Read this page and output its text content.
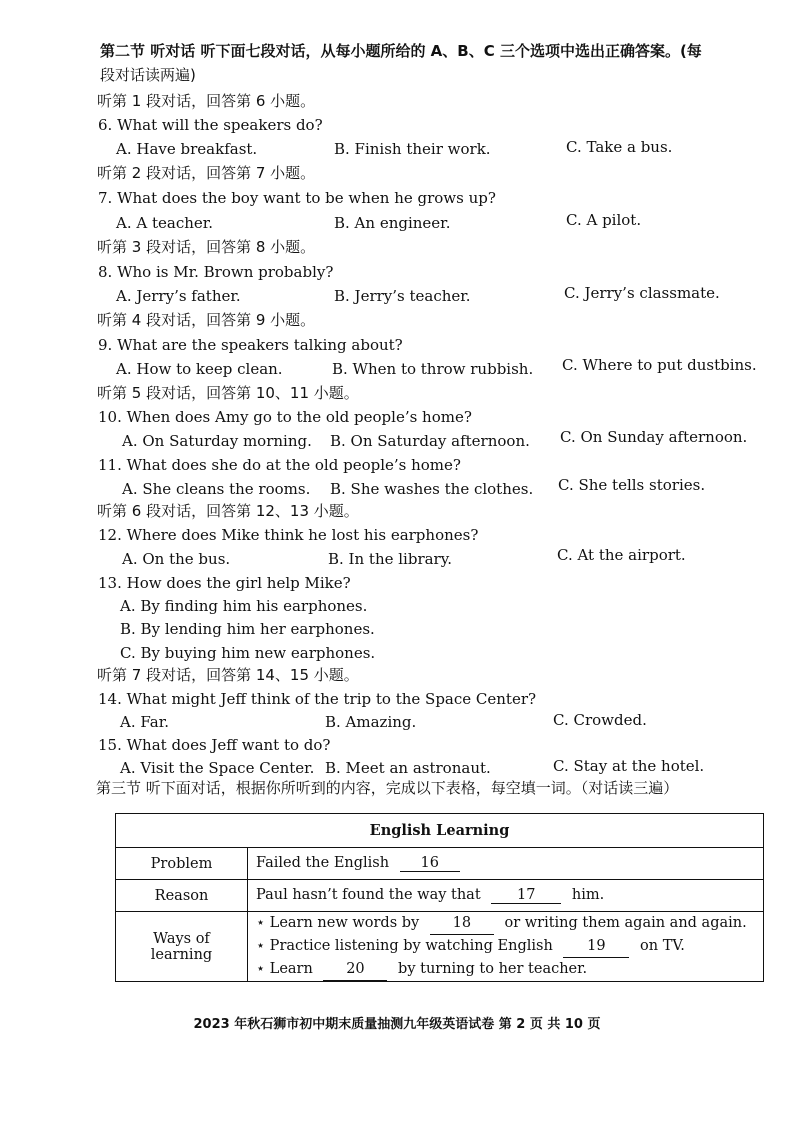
第二节 听对话 听下面七段对话，从每小题所给的 A、B、C 三个选项中选出正确答案。(每
段对话读两遍)
听第 1 段对话，回答第 6 小题。
6. What will the speakers do?
A. Have breakfast.	B. Finish their work.	C. Take a bus.
听第 2 段对话，回答第 7 小题。
7. What does the boy want to be when he grows up?
A. A teacher.	B. An engineer.	C. A pilot.
听第 3 段对话，回答第 8 小题。
8. Who is Mr. Brown probably?
A. Jerry’s father.	B. Jerry’s teacher.	C. Jerry’s classmate.
听第 4 段对话，回答第 9 小题。
9. What are the speakers talking about?
A. How to keep clean.	B. When to throw rubbish. C. Where to put dustbins.
听第 5 段对话，回答第 10、11 小题。
10. When does Amy go to the old people’s home?
A. On Saturday morning. B. On Saturday afternoon. C. On Sunday afternoon.
11. What does she do at the old people’s home?
A. She cleans the rooms. B. She washes the clothes. C. She tells stories.
听第 6 段对话，回答第 12、13 小题。
12. Where does Mike think he lost his earphones?
A. On the bus.	B. In the library.	C. At the airport.
13. How does the girl help Mike?
A. By finding him his earphones.
B. By lending him her earphones.
C. By buying him new earphones.
听第 7 段对话，回答第 14、15 小题。
14. What might Jeff think of the trip to the Space Center?
A. Far.	B. Amazing.	C. Crowded.
15. What does Jeff want to do?
A. Visit the Space Center. B. Meet an astronaut.	C. Stay at the hotel.
第三节 听下面对话，根据你所听到的内容，完成以下表格，每空填一词。（对话读三遍）
English Learning	
Problem	Failed the English 16
Reason	Paul hasn’t found the way that 17 him.
Ways of learning	⋆ Learn new words by 18 or writing them again and again.
⋆ Practice listening by watching English 19 on TV.
⋆ Learn 20 by turning to her teacher.
2023 年秋石狮市初中期末质量抽测九年级英语试卷 第 2 页 共 10 页
